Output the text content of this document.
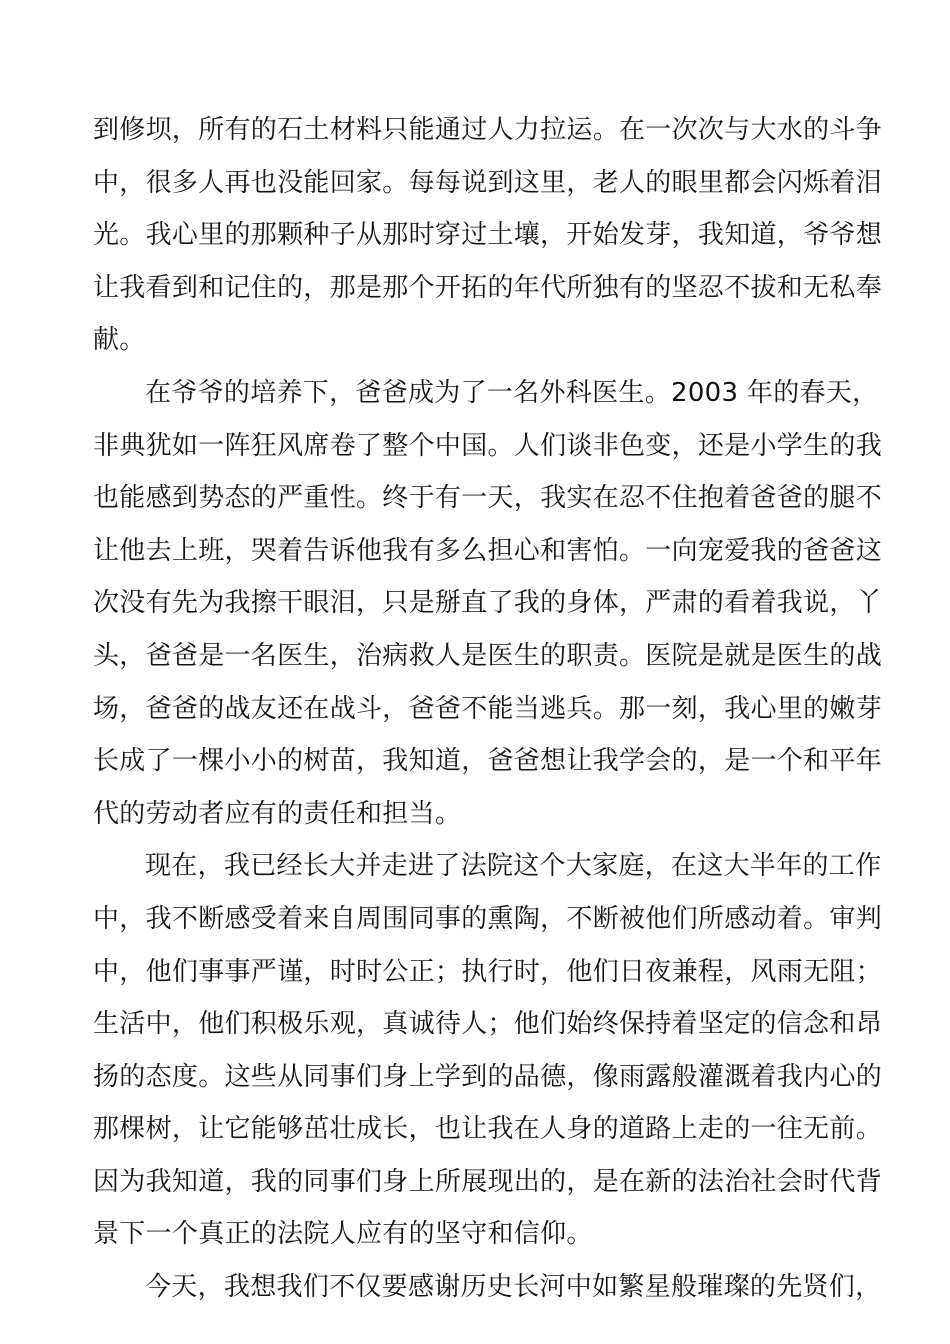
到修坝，所有的石土材料只能通过人力拉运。在一次次与大水的斗争
中，很多人再也没能回家。每每说到这里，老人的眼里都会闪烁着泪
光。我心里的那颗种子从那时穿过土壤，开始发芽，我知道，爷爷想
让我看到和记住的，那是那个开拓的年代所独有的坚忍不拔和无私奉
献。
在爷爷的培养下，爸爸成为了一名外科医生。2003 年的春天，
非典犹如一阵狂风席卷了整个中国。人们谈非色变，还是小学生的我
也能感到势态的严重性。终于有一天，我实在忍不住抱着爸爸的腿不
让他去上班，哭着告诉他我有多么担心和害怕。一向宠爱我的爸爸这
次没有先为我擦干眼泪，只是掰直了我的身体，严肃的看着我说，丫
头，爸爸是一名医生，治病救人是医生的职责。医院是就是医生的战
场，爸爸的战友还在战斗，爸爸不能当逃兵。那一刻，我心里的嫩芽
长成了一棵小小的树苗，我知道，爸爸想让我学会的，是一个和平年
代的劳动者应有的责任和担当。
现在，我已经长大并走进了法院这个大家庭，在这大半年的工作
中，我不断感受着来自周围同事的熏陶，不断被他们所感动着。审判
中，他们事事严谨，时时公正；执行时，他们日夜兼程，风雨无阻；
生活中，他们积极乐观，真诚待人；他们始终保持着坚定的信念和昂
扬的态度。这些从同事们身上学到的品德，像雨露般灌溉着我内心的
那棵树，让它能够茁壮成长，也让我在人身的道路上走的一往无前。
因为我知道，我的同事们身上所展现出的，是在新的法治社会时代背
景下一个真正的法院人应有的坚守和信仰。
今天，我想我们不仅要感谢历史长河中如繁星般璀璨的先贤们，
